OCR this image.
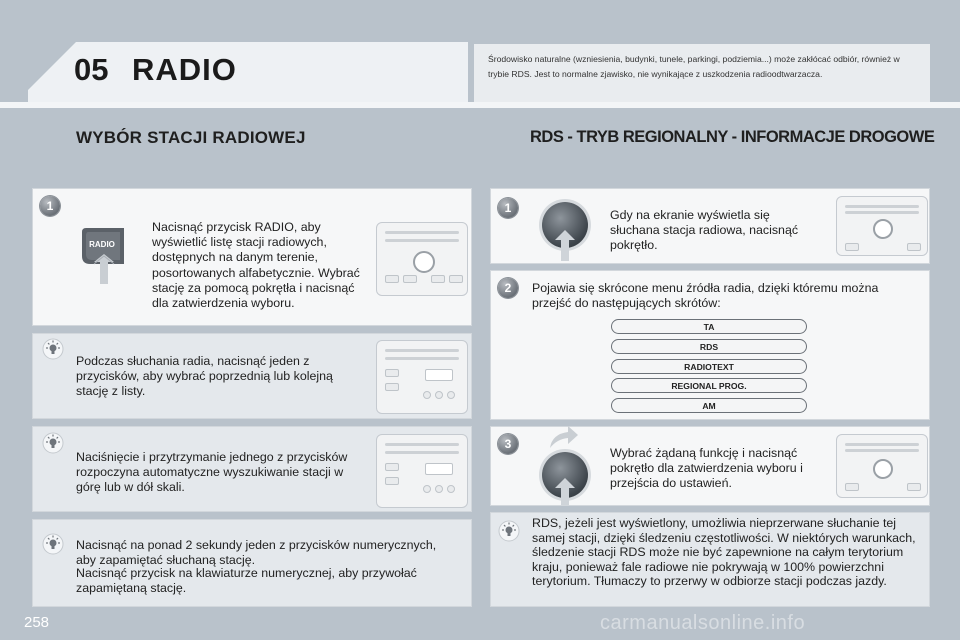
05 RADIO	Środowisko naturalne (wzniesienia, budynki, tunele, parkingi, podziemia...) może zakłócać odbiór, również w trybie RDS. Jest to normalne zjawisko, nie wynikające z uszkodzenia radioodtwarzacza.
WYBÓR STACJI RADIOWEJ	RDS - TRYB REGIONALNY - INFORMACJE DROGOWE
1
RADIO
Nacisnąć przycisk RADIO, aby wyświetlić listę stacji radiowych, dostępnych na danym terenie, posortowanych alfabetycznie. Wybrać stację za pomocą pokrętła i nacisnąć dla zatwierdzenia wyboru.
Podczas słuchania radia, nacisnąć jeden z przycisków, aby wybrać poprzednią lub kolejną stację z listy.
Naciśnięcie i przytrzymanie jednego z przycisków rozpoczyna automatyczne wyszukiwanie stacji w górę lub w dół skali.
Nacisnąć na ponad 2 sekundy jeden z przycisków numerycznych, aby zapamiętać słuchaną stację.
Nacisnąć przycisk na klawiaturze numerycznej, aby przywołać zapamiętaną stację.
1	Gdy na ekranie wyświetla się słuchana stacja radiowa, nacisnąć pokrętło.
2	Pojawia się skrócone menu źródła radia, dzięki któremu można przejść do następujących skrótów:
TA
RDS
RADIOTEXT
REGIONAL PROG.
AM
3
Wybrać żądaną funkcję i nacisnąć pokrętło dla zatwierdzenia wyboru i przejścia do ustawień.
RDS, jeżeli jest wyświetlony, umożliwia nieprzerwane słuchanie tej samej stacji, dzięki śledzeniu częstotliwości. W niektórych warunkach, śledzenie stacji RDS może nie być zapewnione na całym terytorium kraju, ponieważ fale radiowe nie pokrywają w 100% powierzchni terytorium. Tłumaczy to przerwy w odbiorze stacji podczas jazdy.
258	carmanualsonline.info
